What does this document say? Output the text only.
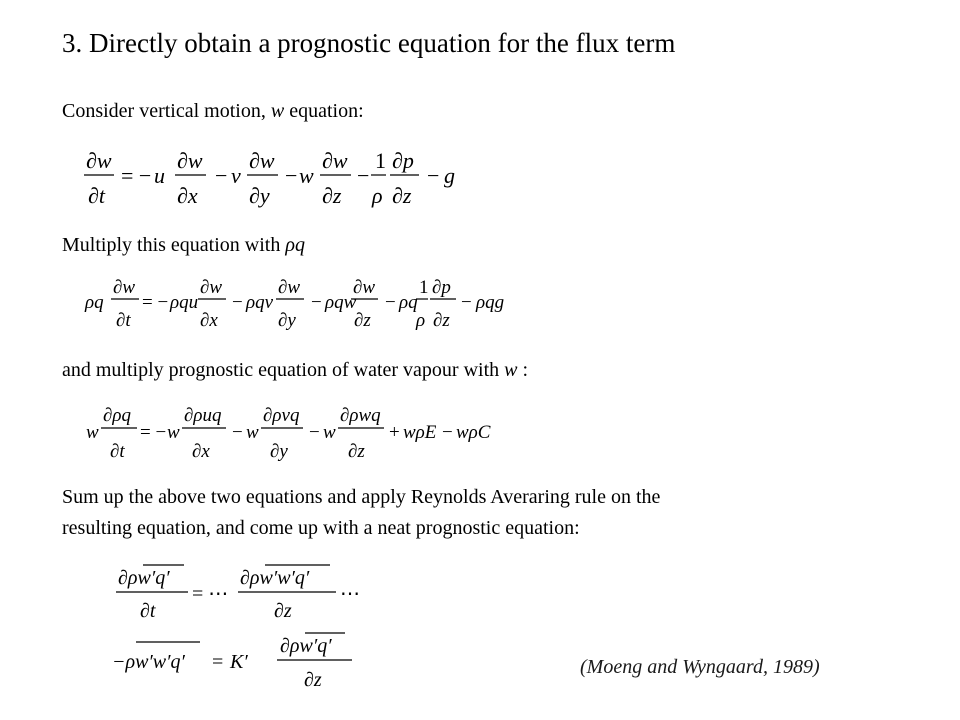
3. Directly obtain a prognostic equation for the flux term
Consider vertical motion, w equation:
∂w
∂t
= − u
∂w
∂x
− v
∂w
∂y
− w
∂w
∂z
−
1
ρ
∂p
∂z
− g
Multiply this equation with ρq
ρq
∂w
∂t
= − ρqu
∂w
∂x
− ρqv
∂w
∂y
− ρqw
∂w
∂z
− ρq
1
ρ
∂p
∂z
− ρqg
and multiply prognostic equation of water vapour with w :
w
∂ρq
∂t
= − w
∂ρuq
∂x
− w
∂ρvq
∂y
− w
∂ρwq
∂z
+ wρE − wρC
Sum up the above two equations and apply Reynolds Averaring rule on the
resulting equation, and come up with a neat prognostic equation:
∂ρw′q′
∂t
= ⋯
∂ρw′w′q′
∂z
⋯
−ρw′w′q′ = K′
∂ρw′q′
∂z
(Moeng and Wyngaard, 1989)
